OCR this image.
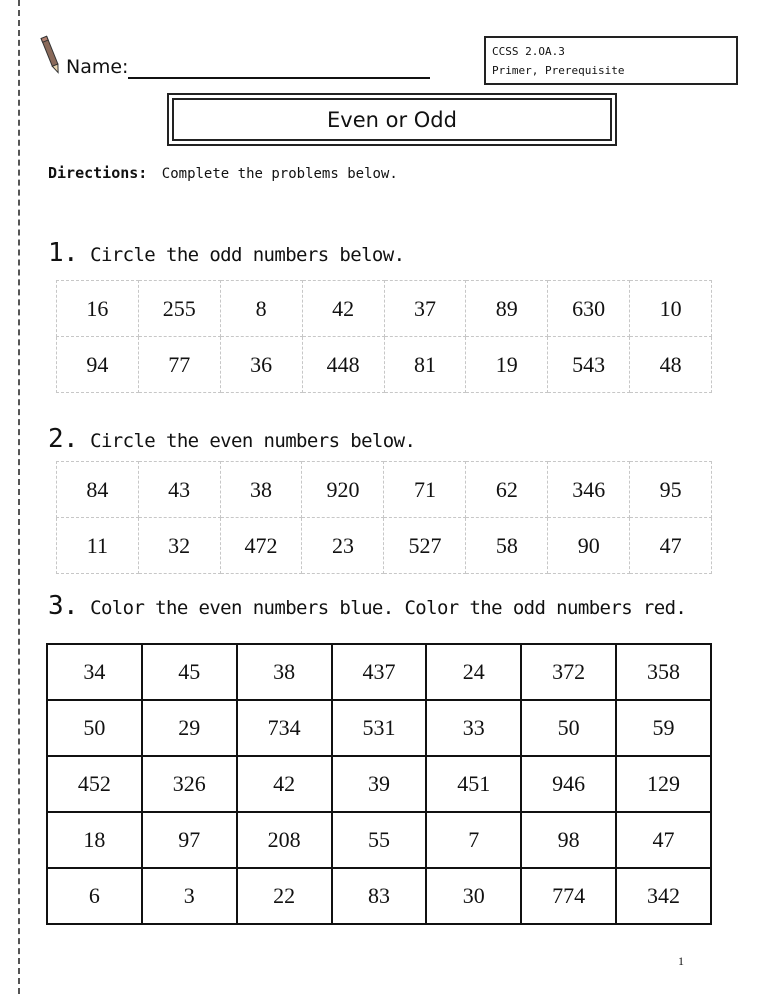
Name:
CCSS 2.OA.3
Primer, Prerequisite
Even or Odd
Directions: Complete the problems below.
1. Circle the odd numbers below.
16	255	8	42	37	89	630	10
94	77	36	448	81	19	543	48
2. Circle the even numbers below.
84	43	38	920	71	62	346	95
11	32	472	23	527	58	90	47
3. Color the even numbers blue. Color the odd numbers red.
34	45	38	437	24	372	358
50	29	734	531	33	50	59
452	326	42	39	451	946	129
18	97	208	55	7	98	47
6	3	22	83	30	774	342
1
